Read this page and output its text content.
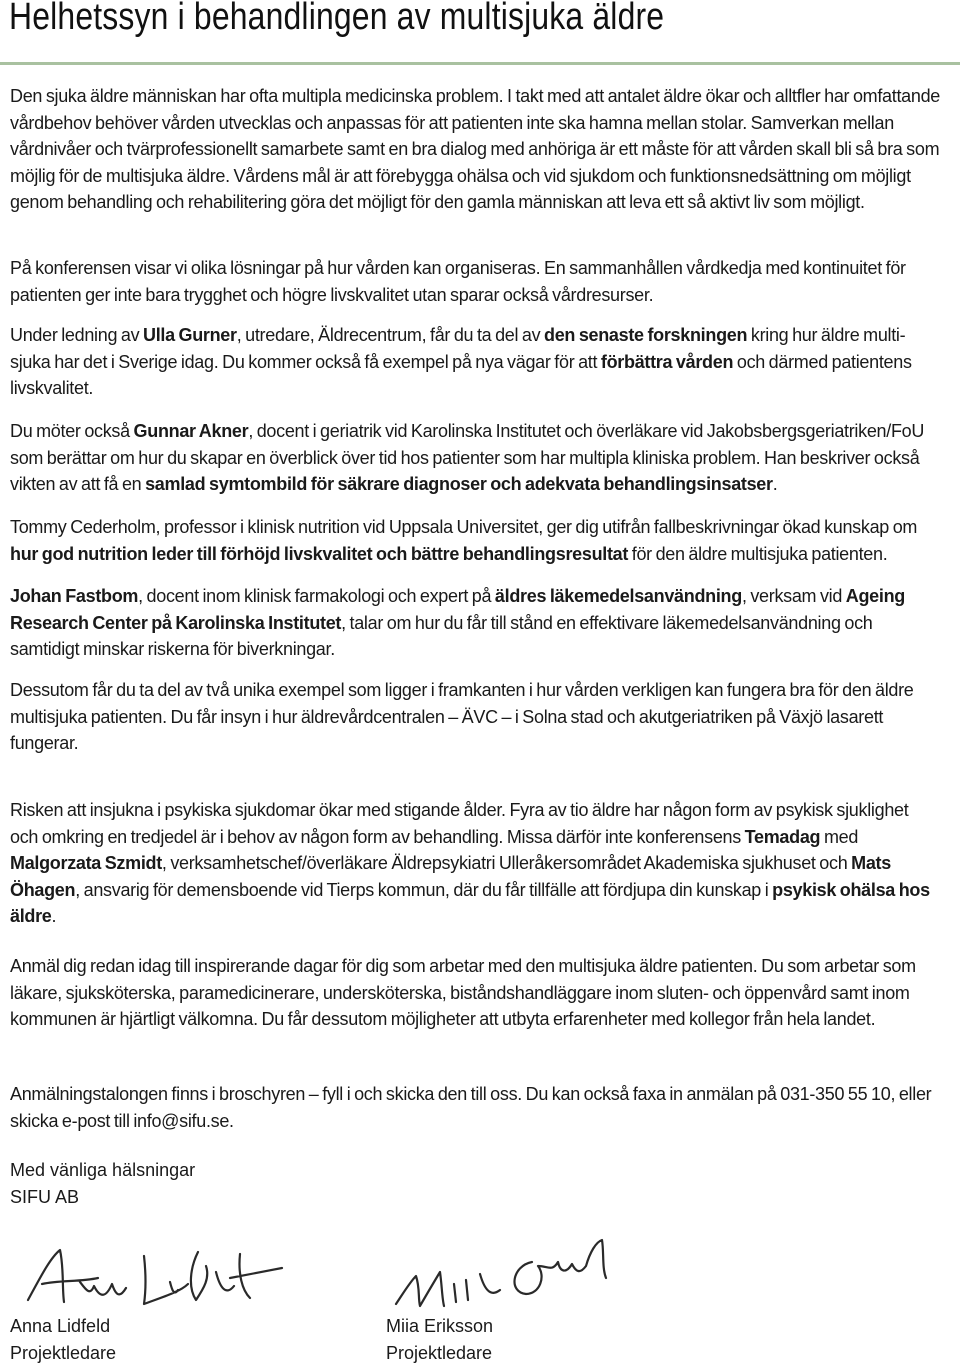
Helhetssyn i behandlingen av multisjuka äldre

Den sjuka äldre människan har ofta multipla medicinska problem. I takt med att antalet äldre ökar och alltfler har omfattande vårdbehov behöver vården utvecklas och anpassas för att patienten inte ska hamna mellan stolar. Samverkan mellan vårdnivåer och tvärprofessionellt samarbete samt en bra dialog med anhöriga är ett måste för att vården skall bli så bra som möjlig för de multisjuka äldre. Vårdens mål är att förebygga ohälsa och vid sjukdom och funktionsnedsättning om möjligt genom behandling och rehabilitering göra det möjligt för den gamla människan att leva ett så aktivt liv som möjligt.

På konferensen visar vi olika lösningar på hur vården kan organiseras. En sammanhållen vårdkedja med kontinuitet för patienten ger inte bara trygghet och högre livskvalitet utan sparar också vårdresurser.

Under ledning av Ulla Gurner, utredare, Äldrecentrum, får du ta del av den senaste forskningen kring hur äldre multisjuka har det i Sverige idag. Du kommer också få exempel på nya vägar för att förbättra vården och därmed patientens livskvalitet.

Du möter också Gunnar Akner, docent i geriatrik vid Karolinska Institutet och överläkare vid Jakobsbergsgeriatriken/FoU som berättar om hur du skapar en överblick över tid hos patienter som har multipla kliniska problem. Han beskriver också vikten av att få en samlad symtombild för säkrare diagnoser och adekvata behandlingsinsatser.

Tommy Cederholm, professor i klinisk nutrition vid Uppsala Universitet, ger dig utifrån fallbeskrivningar ökad kunskap om hur god nutrition leder till förhöjd livskvalitet och bättre behandlingsresultat för den äldre multisjuka patienten.

Johan Fastbom, docent inom klinisk farmakologi och expert på äldres läkemedelsanvändning, verksam vid Ageing Research Center på Karolinska Institutet, talar om hur du får till stånd en effektivare läkemedelsanvändning och samtidigt minskar riskerna för biverkningar.

Dessutom får du ta del av två unika exempel som ligger i framkanten i hur vården verkligen kan fungera bra för den äldre multisjuka patienten. Du får insyn i hur äldrevårdcentralen – ÄVC – i Solna stad och akutgeriatriken på Växjö lasarett fungerar.

Risken att insjukna i psykiska sjukdomar ökar med stigande ålder. Fyra av tio äldre har någon form av psykisk sjuklighet och omkring en tredjedel är i behov av någon form av behandling. Missa därför inte konferensens Temadag med Malgorzata Szmidt, verksamhetschef/överläkare Äldrepsykiatri Ulleråkersområdet Akademiska sjukhuset och Mats Öhagen, ansvarig för demensboende vid Tierps kommun, där du får tillfälle att fördjupa din kunskap i psykisk ohälsa hos äldre.

Anmäl dig redan idag till inspirerande dagar för dig som arbetar med den multisjuka äldre patienten. Du som arbetar som läkare, sjuksköterska, paramedicinerare, undersköterska, biståndshandläggare inom sluten- och öppenvård samt inom kommunen är hjärtligt välkomna. Du får dessutom möjligheter att utbyta erfarenheter med kollegor från hela landet.

Anmälningstalongen finns i broschyren – fyll i och skicka den till oss. Du kan också faxa in anmälan på 031-350 55 10, eller skicka e-post till info@sifu.se.

Med vänliga hälsningar

SIFU AB

Anna Lidfeld

Projektledare

Miia Eriksson

Projektledare
